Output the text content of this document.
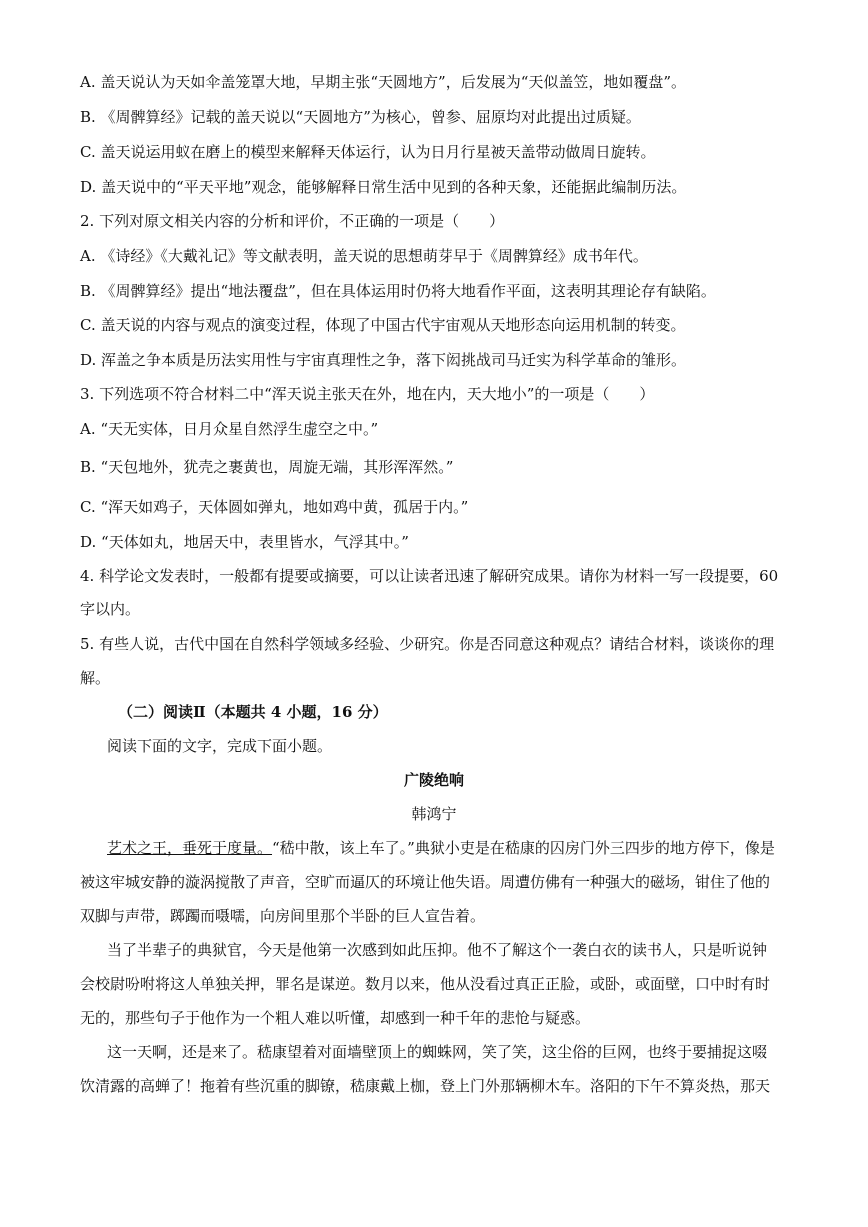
A. 盖天说认为天如伞盖笼罩大地，早期主张“天圆地方”，后发展为“天似盖笠，地如覆盘”。
B. 《周髀算经》记载的盖天说以“天圆地方”为核心，曾参、屈原均对此提出过质疑。
C. 盖天说运用蚁在磨上的模型来解释天体运行，认为日月行星被天盖带动做周日旋转。
D. 盖天说中的“平天平地”观念，能够解释日常生活中见到的各种天象，还能据此编制历法。
2. 下列对原文相关内容的分析和评价，不正确的一项是（　　）
A. 《诗经》《大戴礼记》等文献表明，盖天说的思想萌芽早于《周髀算经》成书年代。
B. 《周髀算经》提出“地法覆盘”，但在具体运用时仍将大地看作平面，这表明其理论存有缺陷。
C. 盖天说的内容与观点的演变过程，体现了中国古代宇宙观从天地形态向运用机制的转变。
D. 浑盖之争本质是历法实用性与宇宙真理性之争，落下闳挑战司马迁实为科学革命的雏形。
3. 下列选项不符合材料二中“浑天说主张天在外，地在内，天大地小”的一项是（　　）
A. “天无实体，日月众星自然浮生虚空之中。”
B. “天包地外，犹壳之裹黄也，周旋无端，其形浑浑然。”
C. “浑天如鸡子，天体圆如弹丸，地如鸡中黄，孤居于内。”
D. “天体如丸，地居天中，表里皆水，气浮其中。”
4. 科学论文发表时，一般都有提要或摘要，可以让读者迅速了解研究成果。请你为材料一写一段提要，60
字以内。
5. 有些人说，古代中国在自然科学领域多经验、少研究。你是否同意这种观点？请结合材料，谈谈你的理
解。
（二）阅读Ⅱ（本题共 4 小题，16 分）
阅读下面的文字，完成下面小题。
广陵绝响
韩鸿宁
艺术之王，垂死于度量。“嵇中散，该上车了。”典狱小吏是在嵇康的囚房门外三四步的地方停下，像是
被这牢城安静的漩涡搅散了声音，空旷而逼仄的环境让他失语。周遭仿佛有一种强大的磁场，钳住了他的
双脚与声带，踯躅而嗫嚅，向房间里那个半卧的巨人宣告着。
当了半辈子的典狱官，今天是他第一次感到如此压抑。他不了解这个一袭白衣的读书人，只是听说钟
会校尉吩咐将这人单独关押，罪名是谋逆。数月以来，他从没看过真正正脸，或卧，或面壁，口中时有时
无的，那些句子于他作为一个粗人难以听懂，却感到一种千年的悲怆与疑惑。
这一天啊，还是来了。嵇康望着对面墙壁顶上的蜘蛛网，笑了笑，这尘俗的巨网，也终于要捕捉这啜
饮清露的高蝉了！拖着有些沉重的脚镣，嵇康戴上枷，登上门外那辆柳木车。洛阳的下午不算炎热，那天
